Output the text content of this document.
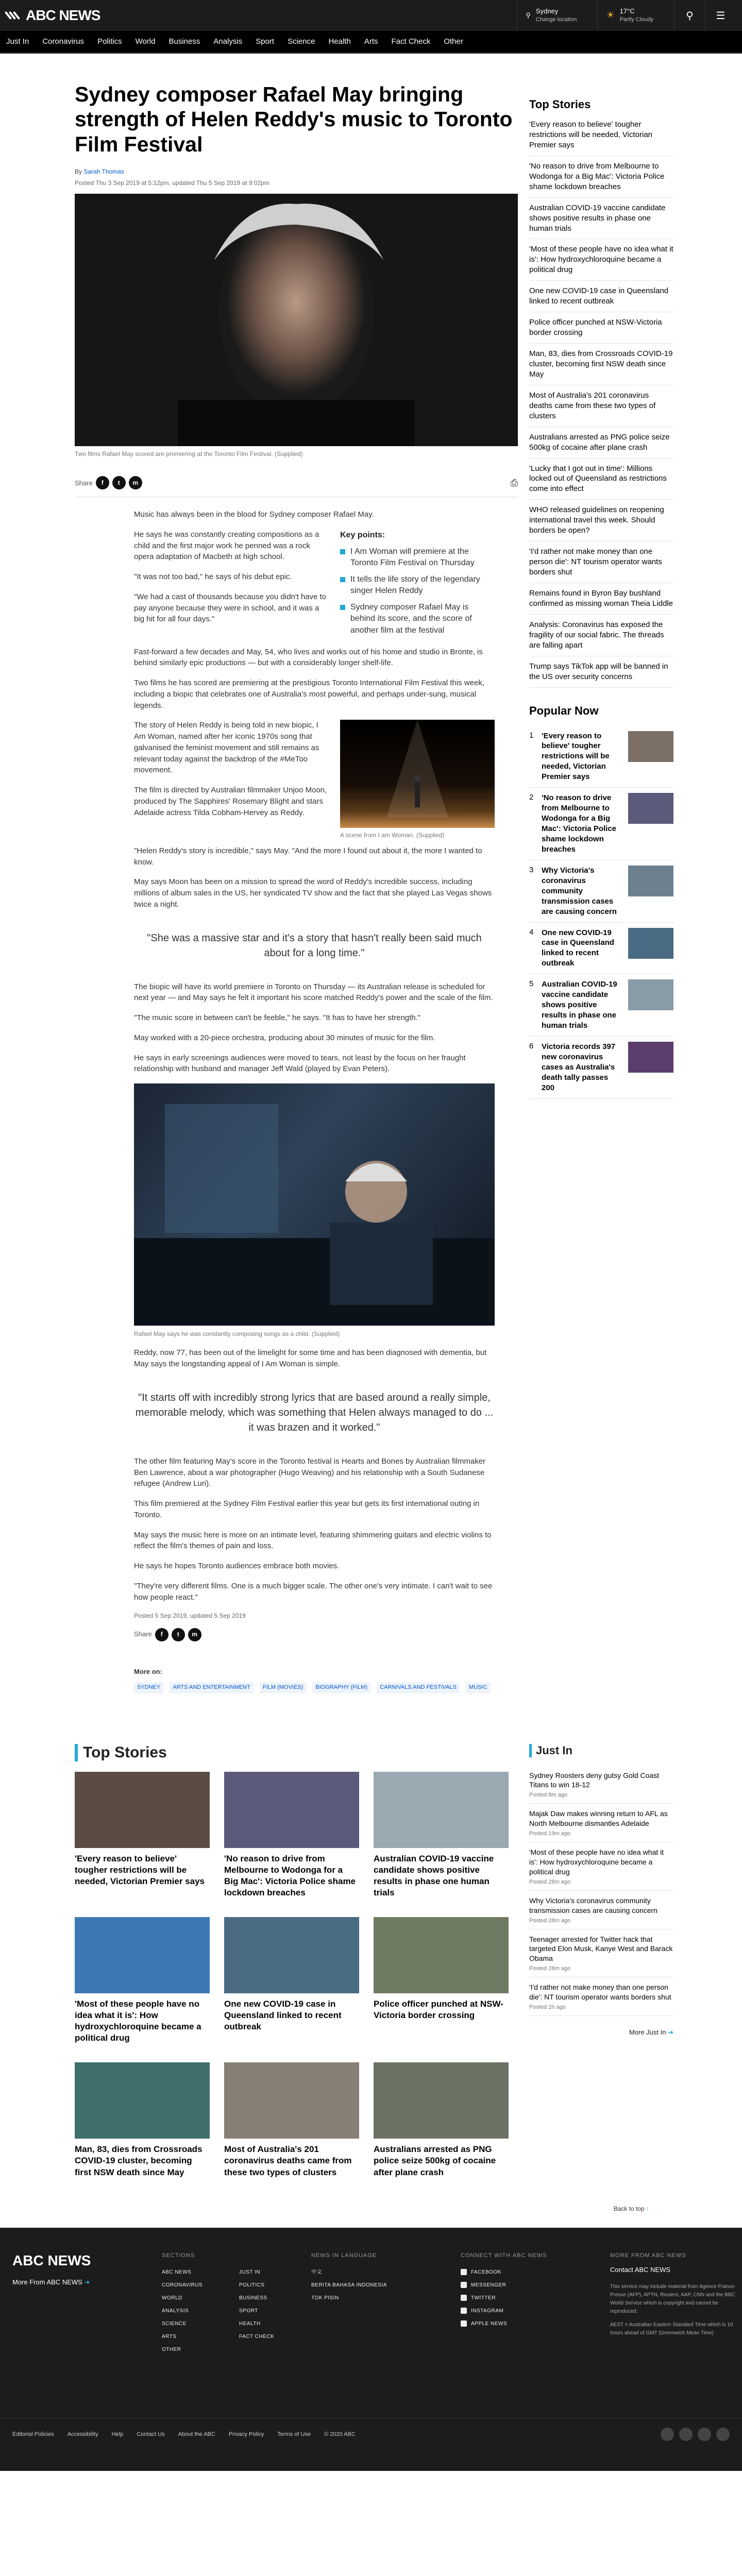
ABC NEWS	⚲ Sydney
Change location	☀ 17°C
Partly Cloudy	⚲ ☰
Just In Coronavirus Politics World Business Analysis Sport Science Health Arts Fact Check Other
Sydney composer Rafael May bringing strength of Helen Reddy's music to Toronto Film Festival
By Sarah Thomas
Posted Thu 3 Sep 2019 at 5:12pm, updated Thu 5 Sep 2019 at 9:02pm
Two films Rafael May scored are premiering at the Toronto Film Festival. (Supplied)
Share	f	t	m	⎙

Music has always been in the blood for Sydney composer Rafael May.

Key points:
I Am Woman will premiere at the Toronto Film Festival on Thursday
It tells the life story of the legendary singer Helen Reddy
Sydney composer Rafael May is behind its score, and the score of another film at the festival

He says he was constantly creating compositions as a child and the first major work he penned was a rock opera adaptation of Macbeth at high school.

"It was not too bad," he says of his debut epic.

"We had a cast of thousands because you didn't have to pay anyone because they were in school, and it was a big hit for all four days."

Fast-forward a few decades and May, 54, who lives and works out of his home and studio in Bronte, is behind similarly epic productions — but with a considerably longer shelf-life.

Two films he has scored are premiering at the prestigious Toronto International Film Festival this week, including a biopic that celebrates one of Australia's most powerful, and perhaps under-sung, musical legends.

A scene from I am Woman. (Supplied)

The story of Helen Reddy is being told in new biopic, I Am Woman, named after her iconic 1970s song that galvanised the feminist movement and still remains as relevant today against the backdrop of the #MeToo movement.

The film is directed by Australian filmmaker Unjoo Moon, produced by The Sapphires' Rosemary Blight and stars Adelaide actress Tilda Cobham-Hervey as Reddy.

"Helen Reddy's story is incredible," says May. "And the more I found out about it, the more I wanted to know.

May says Moon has been on a mission to spread the word of Reddy's incredible success, including millions of album sales in the US, her syndicated TV show and the fact that she played Las Vegas shows twice a night.

"She was a massive star and it's a story that hasn't really been said much about for a long time."

The biopic will have its world premiere in Toronto on Thursday — its Australian release is scheduled for next year — and May says he felt it important his score matched Reddy's power and the scale of the film.

"The music score in between can't be feeble," he says. "It has to have her strength."

May worked with a 20-piece orchestra, producing about 30 minutes of music for the film.

He says in early screenings audiences were moved to tears, not least by the focus on her fraught relationship with husband and manager Jeff Wald (played by Evan Peters).

Rafael May says he was constantly composing songs as a child. (Supplied)

Reddy, now 77, has been out of the limelight for some time and has been diagnosed with dementia, but May says the longstanding appeal of I Am Woman is simple.

"It starts off with incredibly strong lyrics that are based around a really simple, memorable melody, which was something that Helen always managed to do ... it was brazen and it worked."

The other film featuring May's score in the Toronto festival is Hearts and Bones by Australian filmmaker Ben Lawrence, about a war photographer (Hugo Weaving) and his relationship with a South Sudanese refugee (Andrew Luri).

This film premiered at the Sydney Film Festival earlier this year but gets its first international outing in Toronto.

May says the music here is more on an intimate level, featuring shimmering guitars and electric violins to reflect the film's themes of pain and loss.

He says he hopes Toronto audiences embrace both movies.

"They're very different films. One is a much bigger scale. The other one's very intimate. I can't wait to see how people react."

Posted 5 Sep 2019, updated 5 Sep 2019
Share	f	t	m
More on:
SYDNEY ARTS AND ENTERTAINMENT FILM (MOVIES) BIOGRAPHY (FILM) CARNIVALS AND FESTIVALS MUSIC
Top Stories
'Every reason to believe' tougher restrictions will be needed, Victorian Premier says
'No reason to drive from Melbourne to Wodonga for a Big Mac': Victoria Police shame lockdown breaches
Australian COVID-19 vaccine candidate shows positive results in phase one human trials
'Most of these people have no idea what it is': How hydroxychloroquine became a political drug
One new COVID-19 case in Queensland linked to recent outbreak
Police officer punched at NSW-Victoria border crossing
Man, 83, dies from Crossroads COVID-19 cluster, becoming first NSW death since May
Most of Australia's 201 coronavirus deaths came from these two types of clusters
Australians arrested as PNG police seize 500kg of cocaine after plane crash
'Lucky that I got out in time': Millions locked out of Queensland as restrictions come into effect
WHO released guidelines on reopening international travel this week. Should borders be open?
'I'd rather not make money than one person die': NT tourism operator wants borders shut
Remains found in Byron Bay bushland confirmed as missing woman Theia Liddle
Analysis: Coronavirus has exposed the fragility of our social fabric. The threads are falling apart
Trump says TikTok app will be banned in the US over security concerns
Popular Now
1	'Every reason to believe' tougher restrictions will be needed, Victorian Premier says
2	'No reason to drive from Melbourne to Wodonga for a Big Mac': Victoria Police shame lockdown breaches
3	Why Victoria's coronavirus community transmission cases are causing concern
4	One new COVID-19 case in Queensland linked to recent outbreak
5	Australian COVID-19 vaccine candidate shows positive results in phase one human trials
6	Victoria records 397 new coronavirus cases as Australia's death tally passes 200
Top Stories
'Every reason to believe' tougher restrictions will be needed, Victorian Premier says
'No reason to drive from Melbourne to Wodonga for a Big Mac': Victoria Police shame lockdown breaches
Australian COVID-19 vaccine candidate shows positive results in phase one human trials
'Most of these people have no idea what it is': How hydroxychloroquine became a political drug
One new COVID-19 case in Queensland linked to recent outbreak
Police officer punched at NSW-Victoria border crossing
Man, 83, dies from Crossroads COVID-19 cluster, becoming first NSW death since May
Most of Australia's 201 coronavirus deaths came from these two types of clusters
Australians arrested as PNG police seize 500kg of cocaine after plane crash
Just In
Sydney Roosters deny gutsy Gold Coast Titans to win 18-12
Posted 8m ago
Majak Daw makes winning return to AFL as North Melbourne dismantles Adelaide
Posted 19m ago
'Most of these people have no idea what it is': How hydroxychloroquine became a political drug
Posted 28m ago
Why Victoria's coronavirus community transmission cases are causing concern
Posted 28m ago
Teenager arrested for Twitter hack that targeted Elon Musk, Kanye West and Barack Obama
Posted 28m ago
'I'd rather not make money than one person die': NT tourism operator wants borders shut
Posted 2h ago
More Just In ➜
Back to top ↑
ABC NEWS
More From ABC NEWS ➜
SECTIONS
ABC NEWS
CORONAVIRUS
WORLD
ANALYSIS
SCIENCE
ARTS
OTHER
JUST IN
POLITICS
BUSINESS
SPORT
HEALTH
FACT CHECK
NEWS IN LANGUAGE
中文
BERITA BAHASA INDONESIA
TOK PISIN
CONNECT WITH ABC NEWS
FACEBOOK
MESSENGER
TWITTER
INSTAGRAM
APPLE NEWS
MORE FROM ABC NEWS
Contact ABC NEWS

This service may include material from Agence France-Presse (AFP), APTN, Reuters, AAP, CNN and the BBC World Service which is copyright and cannot be reproduced.

AEST = Australian Eastern Standard Time which is 10 hours ahead of GMT (Greenwich Mean Time)

Editorial Policies Accessibility Help Contact Us About the ABC Privacy Policy Terms of Use © 2020 ABC
